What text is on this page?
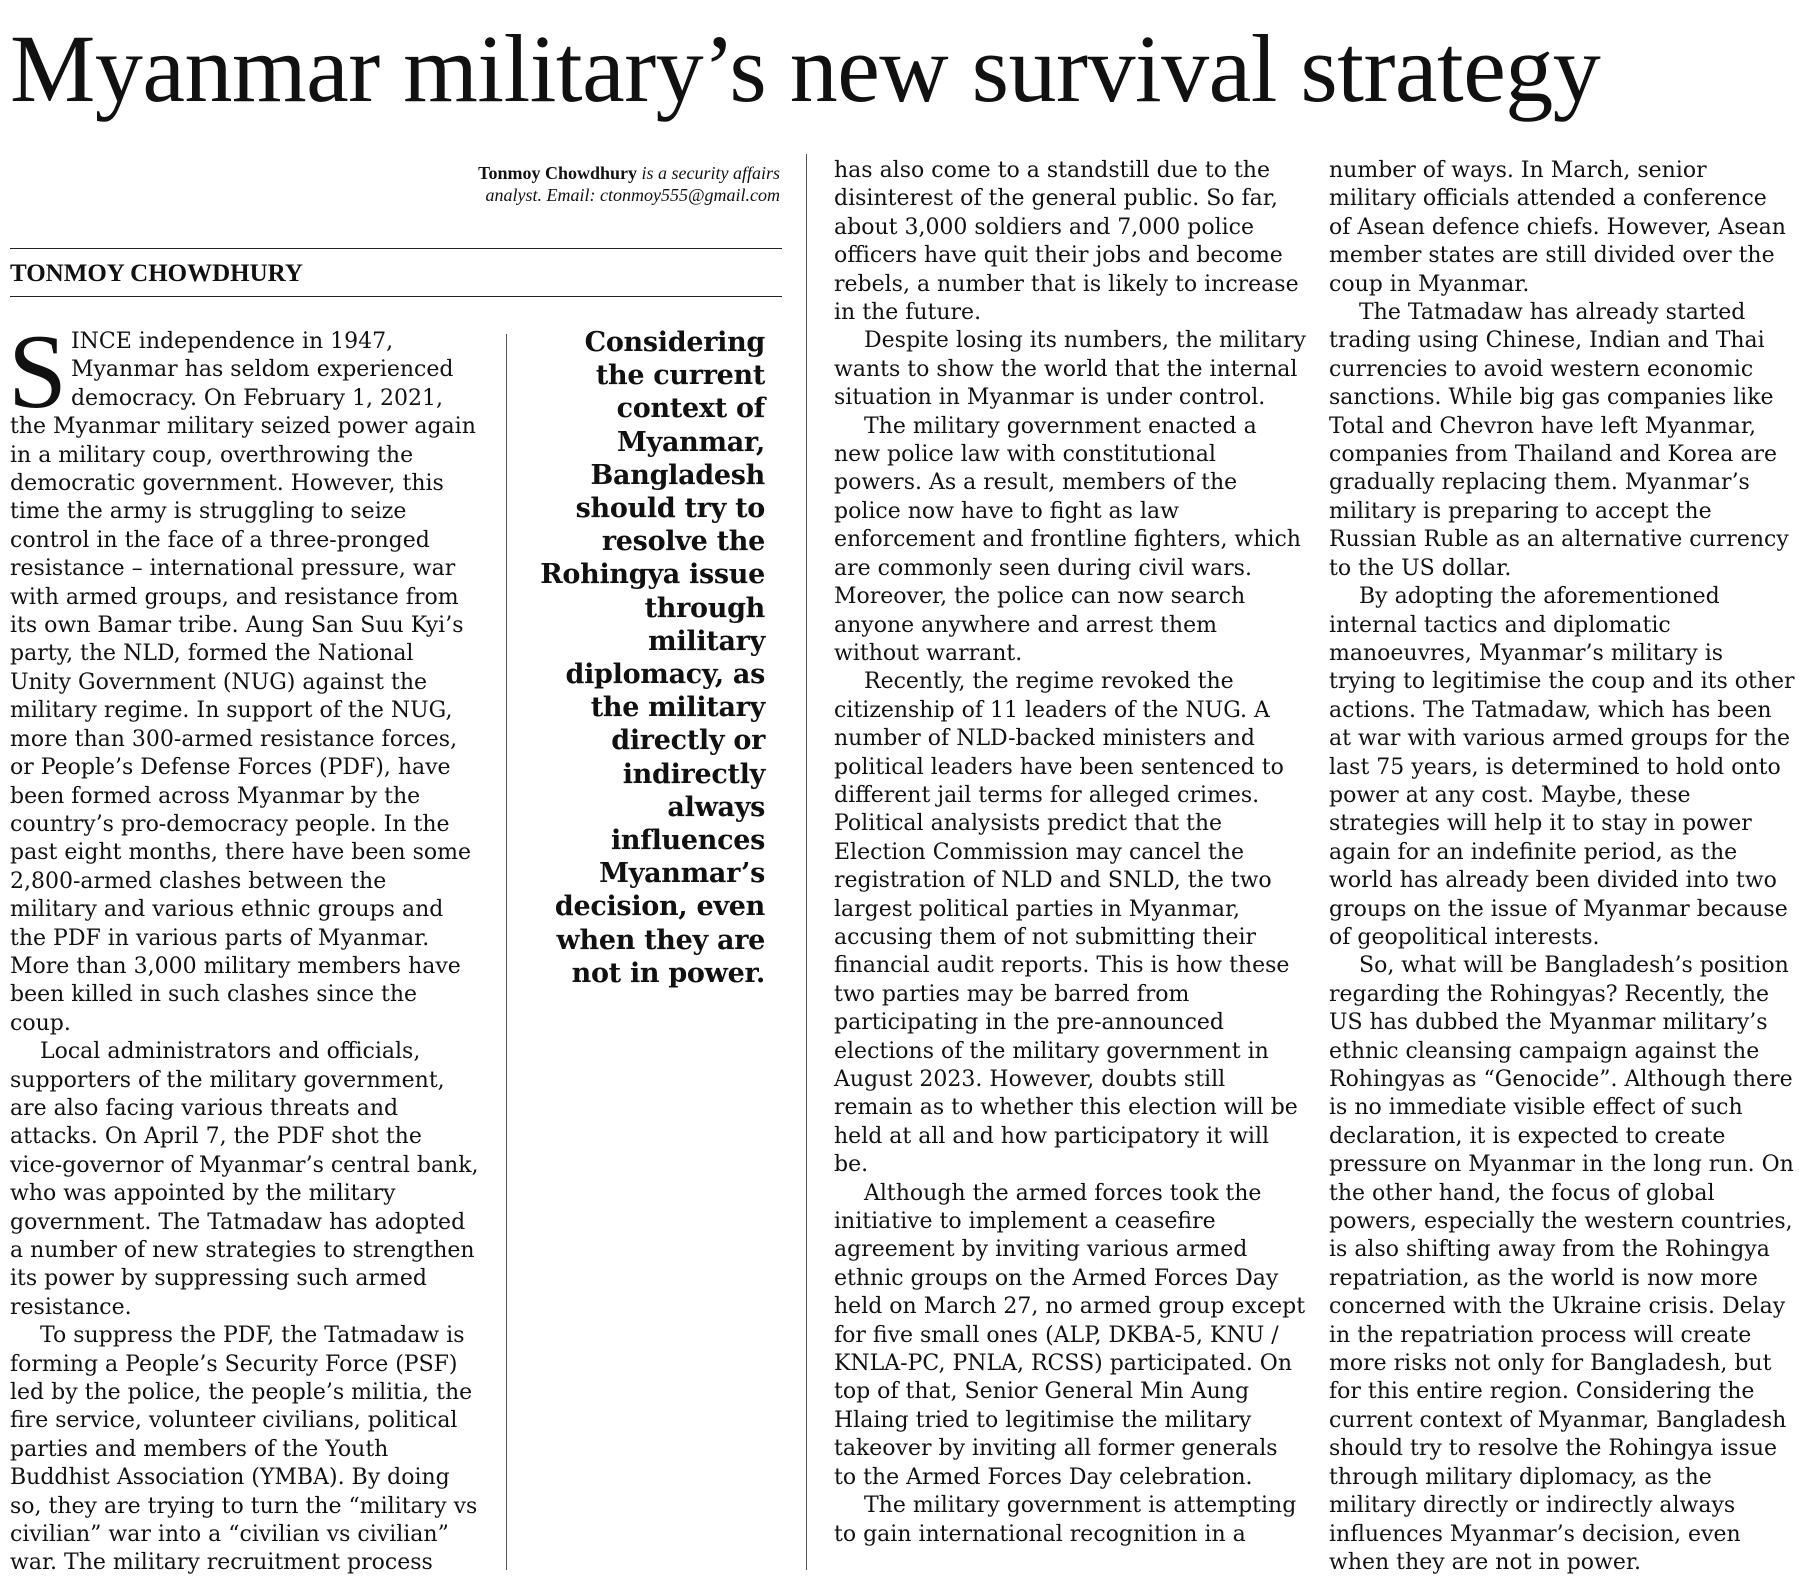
Myanmar military’s new survival strategy
Tonmoy Chowdhury is a security affairs analyst. Email: ctonmoy555@gmail.com
TONMOY CHOWDHURY

SINCE independence in 1947, Myanmar has seldom experienced democracy. On February 1, 2021, the Myanmar military seized power again in a military coup, overthrowing the democratic government. However, this time the army is struggling to seize control in the face of a three-pronged resistance – international pressure, war with armed groups, and resistance from its own Bamar tribe. Aung San Suu Kyi’s party, the NLD, formed the National Unity Government (NUG) against the military regime. In support of the NUG, more than 300-armed resistance forces, or People’s Defense Forces (PDF), have been formed across Myanmar by the country’s pro-democracy people. In the past eight months, there have been some 2,800-armed clashes between the military and various ethnic groups and the PDF in various parts of Myanmar. More than 3,000 military members have been killed in such clashes since the coup.

Local administrators and officials, supporters of the military government, are also facing various threats and attacks. On April 7, the PDF shot the vice-governor of Myanmar’s central bank, who was appointed by the military government. The Tatmadaw has adopted a number of new strategies to strengthen its power by suppressing such armed resistance.

To suppress the PDF, the Tatmadaw is forming a People’s Security Force (PSF) led by the police, the people’s militia, the fire service, volunteer civilians, political parties and members of the Youth Buddhist Association (YMBA). By doing so, they are trying to turn the “military vs civilian” war into a “civilian vs civilian” war. The military recruitment process

Considering the current context of Myanmar, Bangladesh should try to resolve the Rohingya issue through military diplomacy, as the military directly or indirectly always influences Myanmar’s decision, even when they are not in power.

has also come to a standstill due to the disinterest of the general public. So far, about 3,000 soldiers and 7,000 police officers have quit their jobs and become rebels, a number that is likely to increase in the future.

Despite losing its numbers, the military wants to show the world that the internal situation in Myanmar is under control.

The military government enacted a new police law with constitutional powers. As a result, members of the police now have to fight as law enforcement and frontline fighters, which are commonly seen during civil wars. Moreover, the police can now search anyone anywhere and arrest them without warrant.

Recently, the regime revoked the citizenship of 11 leaders of the NUG. A number of NLD-backed ministers and political leaders have been sentenced to different jail terms for alleged crimes. Political analysists predict that the Election Commission may cancel the registration of NLD and SNLD, the two largest political parties in Myanmar, accusing them of not submitting their financial audit reports. This is how these two parties may be barred from participating in the pre-announced elections of the military government in August 2023. However, doubts still remain as to whether this election will be held at all and how participatory it will be.

Although the armed forces took the initiative to implement a ceasefire agreement by inviting various armed ethnic groups on the Armed Forces Day held on March 27, no armed group except for five small ones (ALP, DKBA-5, KNU / KNLA-PC, PNLA, RCSS) participated. On top of that, Senior General Min Aung Hlaing tried to legitimise the military takeover by inviting all former generals to the Armed Forces Day celebration.

The military government is attempting to gain international recognition in a

number of ways. In March, senior military officials attended a conference of Asean defence chiefs. However, Asean member states are still divided over the coup in Myanmar.

The Tatmadaw has already started trading using Chinese, Indian and Thai currencies to avoid western economic sanctions. While big gas companies like Total and Chevron have left Myanmar, companies from Thailand and Korea are gradually replacing them. Myanmar’s military is preparing to accept the Russian Ruble as an alternative currency to the US dollar.

By adopting the aforementioned internal tactics and diplomatic manoeuvres, Myanmar’s military is trying to legitimise the coup and its other actions. The Tatmadaw, which has been at war with various armed groups for the last 75 years, is determined to hold onto power at any cost. Maybe, these strategies will help it to stay in power again for an indefinite period, as the world has already been divided into two groups on the issue of Myanmar because of geopolitical interests.

So, what will be Bangladesh’s position regarding the Rohingyas? Recently, the US has dubbed the Myanmar military’s ethnic cleansing campaign against the Rohingyas as “Genocide”. Although there is no immediate visible effect of such declaration, it is expected to create pressure on Myanmar in the long run. On the other hand, the focus of global powers, especially the western countries, is also shifting away from the Rohingya repatriation, as the world is now more concerned with the Ukraine crisis. Delay in the repatriation process will create more risks not only for Bangladesh, but for this entire region. Considering the current context of Myanmar, Bangladesh should try to resolve the Rohingya issue through military diplomacy, as the military directly or indirectly always influences Myanmar’s decision, even when they are not in power.
